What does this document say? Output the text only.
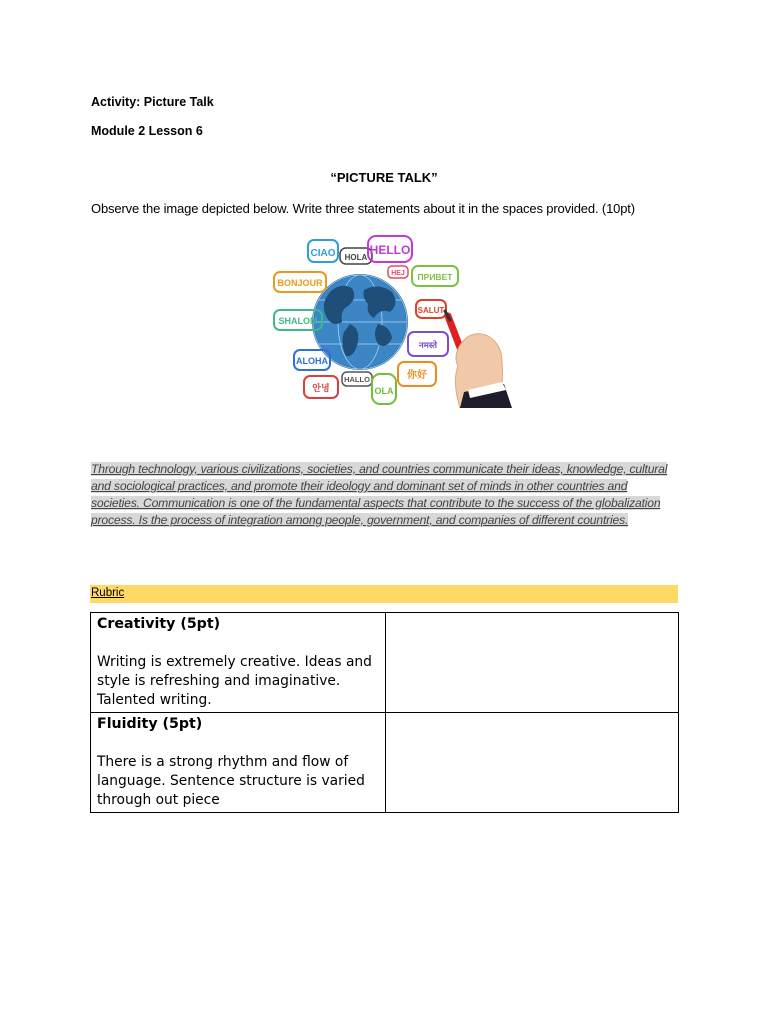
Activity: Picture Talk
Module 2 Lesson 6
“PICTURE TALK”
Observe the image depicted below. Write three statements about it in the spaces provided. (10pt)
CIAO HOLA
HELLO
BONJOUR
HEJ ПРИВЕТ
SHALOM
SALUT
नमस्ते
ALOHA
HALLO
OLA
안녕
你好
Through technology, various civilizations, societies, and countries communicate their ideas, knowledge, cultural and sociological practices, and promote their ideology and dominant set of minds in other countries and societies. Communication is one of the fundamental aspects that contribute to the success of the globalization process. Is the process of integration among people, government, and companies of different countries.
Rubric
Creativity (5pt)
Writing is extremely creative. Ideas and style is refreshing and imaginative. Talented writing.	

Fluidity (5pt)
There is a strong rhythm and flow of language. Sentence structure is varied through out piece	
